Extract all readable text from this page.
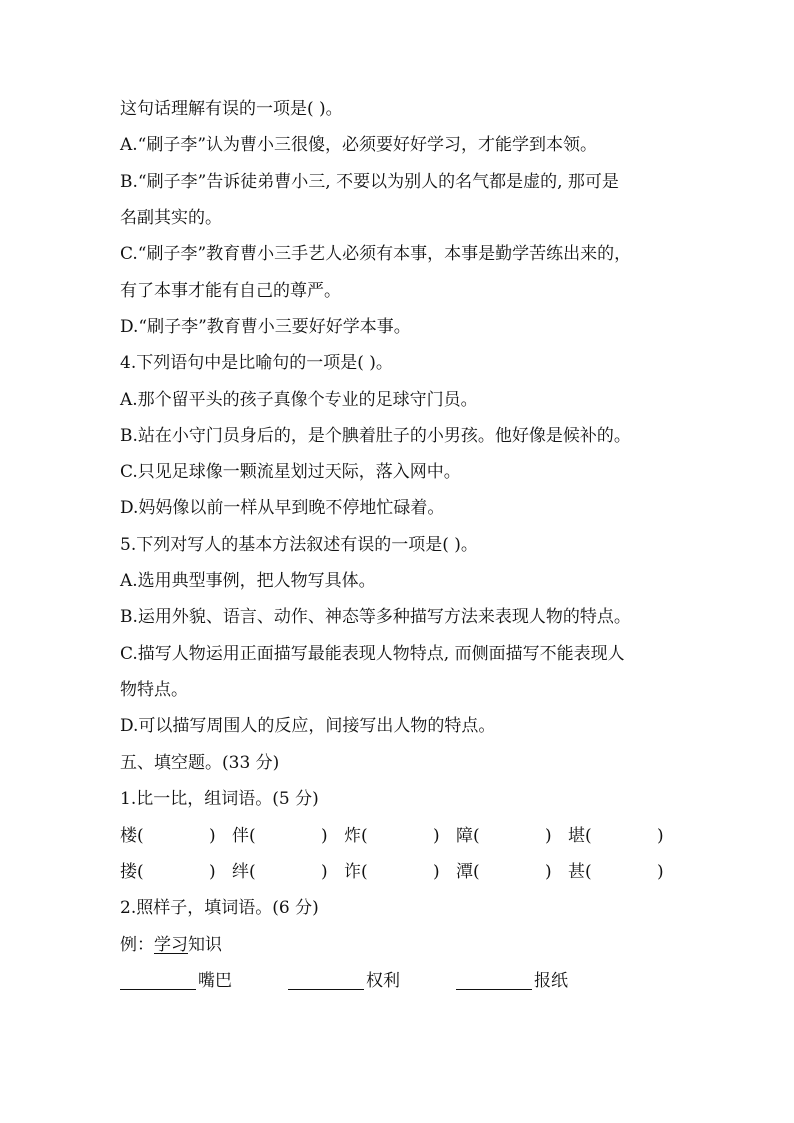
这句话理解有误的一项是( )。
A.“刷子李”认为曹小三很傻，必须要好好学习，才能学到本领。
B.“刷子李”告诉徒弟曹小三, 不要以为别人的名气都是虚的, 那可是
名副其实的。
C.“刷子李”教育曹小三手艺人必须有本事，本事是勤学苦练出来的，
有了本事才能有自己的尊严。
D.“刷子李”教育曹小三要好好学本事。
4.下列语句中是比喻句的一项是( )。
A.那个留平头的孩子真像个专业的足球守门员。
B.站在小守门员身后的，是个腆着肚子的小男孩。他好像是候补的。
C.只见足球像一颗流星划过天际，落入网中。
D.妈妈像以前一样从早到晚不停地忙碌着。
5.下列对写人的基本方法叙述有误的一项是( )。
A.选用典型事例，把人物写具体。
B.运用外貌、语言、动作、神态等多种描写方法来表现人物的特点。
C.描写人物运用正面描写最能表现人物特点, 而侧面描写不能表现人
物特点。
D.可以描写周围人的反应，间接写出人物的特点。
五、填空题。(33 分)
1.比一比，组词语。(5 分)
楼(	) 伴(	) 炸(	) 障(	) 堪(	)
搂(	) 绊(	) 诈(	) 潭(	) 甚(	)
2.照样子，填词语。(6 分)
例：学习知识
嘴巴	权利	报纸
